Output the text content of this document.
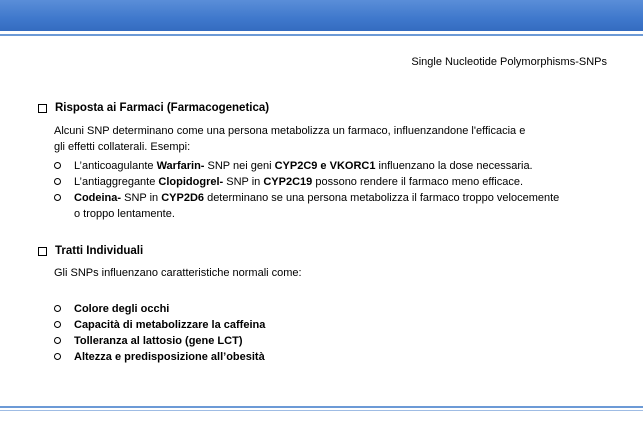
Single Nucleotide Polymorphisms-SNPs
Risposta ai Farmaci (Farmacogenetica)
Alcuni SNP determinano come una persona metabolizza un farmaco, influenzandone l'efficacia e
gli effetti collaterali. Esempi:
L’anticoagulante Warfarin- SNP nei geni CYP2C9 e VKORC1 influenzano la dose necessaria.
L’antiaggregante Clopidogrel- SNP in CYP2C19 possono rendere il farmaco meno efficace.
Codeina- SNP in CYP2D6 determinano se una persona metabolizza il farmaco troppo velocemente
o troppo lentamente.
Tratti Individuali
Gli SNPs influenzano caratteristiche normali come:
Colore degli occhi
Capacità di metabolizzare la caffeina
Tolleranza al lattosio (gene LCT)
Altezza e predisposizione all’obesità
